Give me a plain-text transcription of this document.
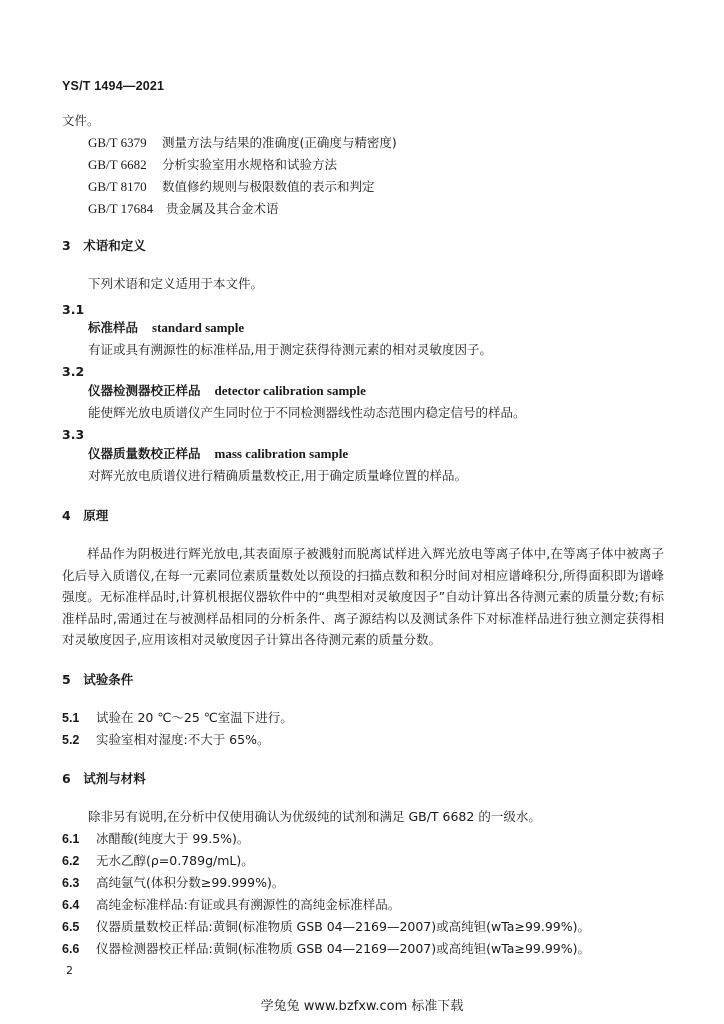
YS/T 1494—2021
文件。
GB/T 6379 测量方法与结果的准确度(正确度与精密度)
GB/T 6682 分析实验室用水规格和试验方法
GB/T 8170 数值修约规则与极限数值的表示和判定
GB/T 17684 贵金属及其合金术语
3　术语和定义
下列术语和定义适用于本文件。
3.1
标准样品 standard sample
有证或具有溯源性的标准样品,用于测定获得待测元素的相对灵敏度因子。
3.2
仪器检测器校正样品 detector calibration sample
能使辉光放电质谱仪产生同时位于不同检测器线性动态范围内稳定信号的样品。
3.3
仪器质量数校正样品 mass calibration sample
对辉光放电质谱仪进行精确质量数校正,用于确定质量峰位置的样品。
4　原理
样品作为阴极进行辉光放电,其表面原子被溅射而脱离试样进入辉光放电等离子体中,在等离子体中被离子化后导入质谱仪,在每一元素同位素质量数处以预设的扫描点数和积分时间对相应谱峰积分,所得面积即为谱峰强度。无标准样品时,计算机根据仪器软件中的“典型相对灵敏度因子”自动计算出各待测元素的质量分数;有标准样品时,需通过在与被测样品相同的分析条件、离子源结构以及测试条件下对标准样品进行独立测定获得相对灵敏度因子,应用该相对灵敏度因子计算出各待测元素的质量分数。
5　试验条件
5.1 试验在 20 ℃～25 ℃室温下进行。
5.2 实验室相对湿度:不大于 65%。
6　试剂与材料
除非另有说明,在分析中仅使用确认为优级纯的试剂和满足 GB/T 6682 的一级水。
6.1 冰醋酸(纯度大于 99.5%)。
6.2 无水乙醇(ρ=0.789g/mL)。
6.3 高纯氩气(体积分数≥99.999%)。
6.4 高纯金标准样品:有证或具有溯源性的高纯金标准样品。
6.5 仪器质量数校正样品:黄铜(标准物质 GSB 04—2169—2007)或高纯钽(wTa≥99.99%)。
6.6 仪器检测器校正样品:黄铜(标准物质 GSB 04—2169—2007)或高纯钽(wTa≥99.99%)。
2
学兔兔 www.bzfxw.com 标准下载
